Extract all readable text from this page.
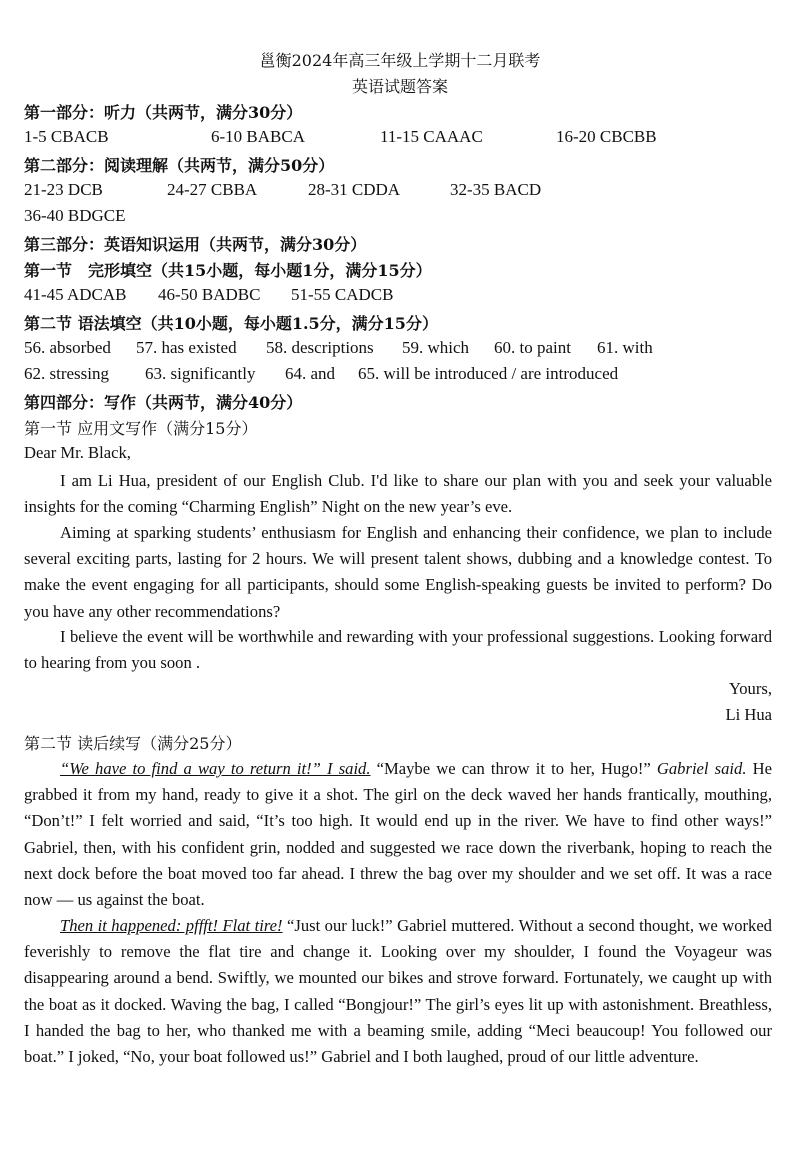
邕衡2024年高三年级上学期十二月联考
英语试题答案
第一部分：听力（共两节，满分30分）
1-5 CBACB	6-10 BABCA	11-15 CAAAC	16-20 CBCBB
第二部分：阅读理解（共两节，满分50分）
21-23 DCB	24-27 CBBA	28-31 CDDA	32-35 BACD
36-40 BDGCE
第三部分：英语知识运用（共两节，满分30分）
第一节　完形填空（共15小题，每小题1分，满分15分）
41-45 ADCAB 46-50 BADBC 51-55 CADCB
第二节 语法填空（共10小题，每小题1.5分，满分15分）
56. absorbed 57. has existed 58. descriptions 59. which 60. to paint 61. with
62. stressing 63. significantly 64. and 65. will be introduced / are introduced
第四部分：写作（共两节，满分40分）
第一节 应用文写作（满分15分）
Dear Mr. Black,

I am Li Hua, president of our English Club. I'd like to share our plan with you and seek your valuable insights for the coming “Charming English” Night on the new year’s eve.

Aiming at sparking students’ enthusiasm for English and enhancing their confidence, we plan to include several exciting parts, lasting for 2 hours. We will present talent shows, dubbing and a knowledge contest. To make the event engaging for all participants, should some English-speaking guests be invited to perform? Do you have any other recommendations?

I believe the event will be worthwhile and rewarding with your professional suggestions. Looking forward to hearing from you soon .

Yours,
Li Hua
第二节 读后续写（满分25分）

“We have to find a way to return it!” I said. “Maybe we can throw it to her, Hugo!” Gabriel said. He grabbed it from my hand, ready to give it a shot. The girl on the deck waved her hands frantically, mouthing, “Don’t!” I felt worried and said, “It’s too high. It would end up in the river. We have to find other ways!” Gabriel, then, with his confident grin, nodded and suggested we race down the riverbank, hoping to reach the next dock before the boat moved too far ahead. I threw the bag over my shoulder and we set off. It was a race now — us against the boat.

Then it happened: pffft! Flat tire! “Just our luck!” Gabriel muttered. Without a second thought, we worked feverishly to remove the flat tire and change it. Looking over my shoulder, I found the Voyageur was disappearing around a bend. Swiftly, we mounted our bikes and strove forward. Fortunately, we caught up with the boat as it docked. Waving the bag, I called “Bongjour!” The girl’s eyes lit up with astonishment. Breathless, I handed the bag to her, who thanked me with a beaming smile, adding “Meci beaucoup! You followed our boat.” I joked, “No, your boat followed us!” Gabriel and I both laughed, proud of our little adventure.
